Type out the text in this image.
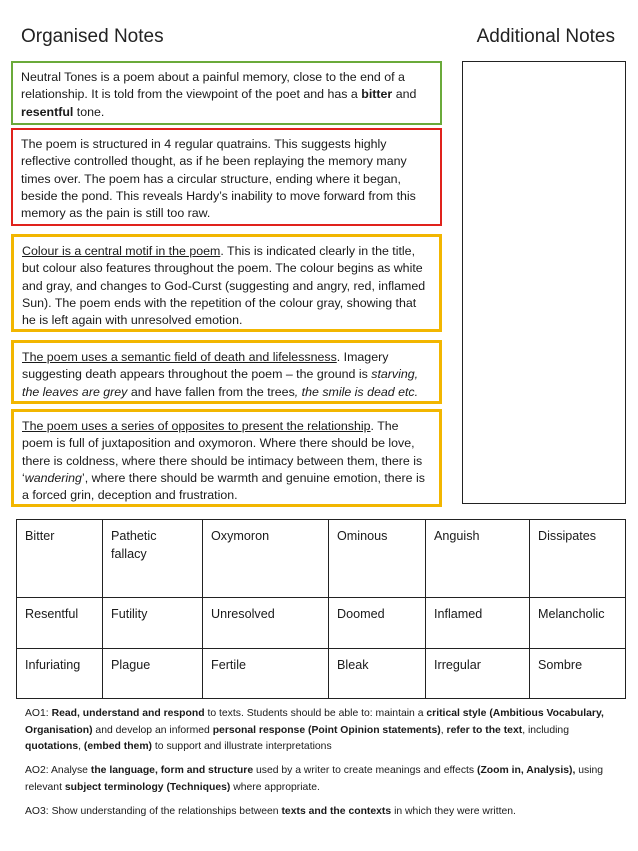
Organised Notes	Additional Notes
Neutral Tones is a poem about a painful memory, close to the end of a relationship. It is told from the viewpoint of the poet and has a bitter and resentful tone.
The poem is structured in 4 regular quatrains. This suggests highly reflective controlled thought, as if he been replaying the memory many times over. The poem has a circular structure, ending where it began, beside the pond. This reveals Hardy’s inability to move forward from this memory as the pain is still too raw.
Colour is a central motif in the poem. This is indicated clearly in the title, but colour also features throughout the poem. The colour begins as white and gray, and changes to God-Curst (suggesting and angry, red, inflamed Sun). The poem ends with the repetition of the colour gray, showing that he is left again with unresolved emotion.
The poem uses a semantic field of death and lifelessness. Imagery suggesting death appears throughout the poem – the ground is starving, the leaves are grey and have fallen from the trees, the smile is dead etc.
The poem uses a series of opposites to present the relationship. The poem is full of juxtaposition and oxymoron. Where there should be love, there is coldness, where there should be intimacy between them, there is ‘wandering’, where there should be warmth and genuine emotion, there is a forced grin, deception and frustration.
Bitter	Pathetic fallacy	Oxymoron	Ominous	Anguish	Dissipates
Resentful	Futility	Unresolved	Doomed	Inflamed	Melancholic
Infuriating	Plague	Fertile	Bleak	Irregular	Sombre
AO1: Read, understand and respond to texts. Students should be able to: maintain a critical style (Ambitious Vocabulary, Organisation) and develop an informed personal response (Point Opinion statements), refer to the text, including quotations, (embed them) to support and illustrate interpretations
AO2: Analyse the language, form and structure used by a writer to create meanings and effects (Zoom in, Analysis), using relevant subject terminology (Techniques) where appropriate.
AO3: Show understanding of the relationships between texts and the contexts in which they were written.
